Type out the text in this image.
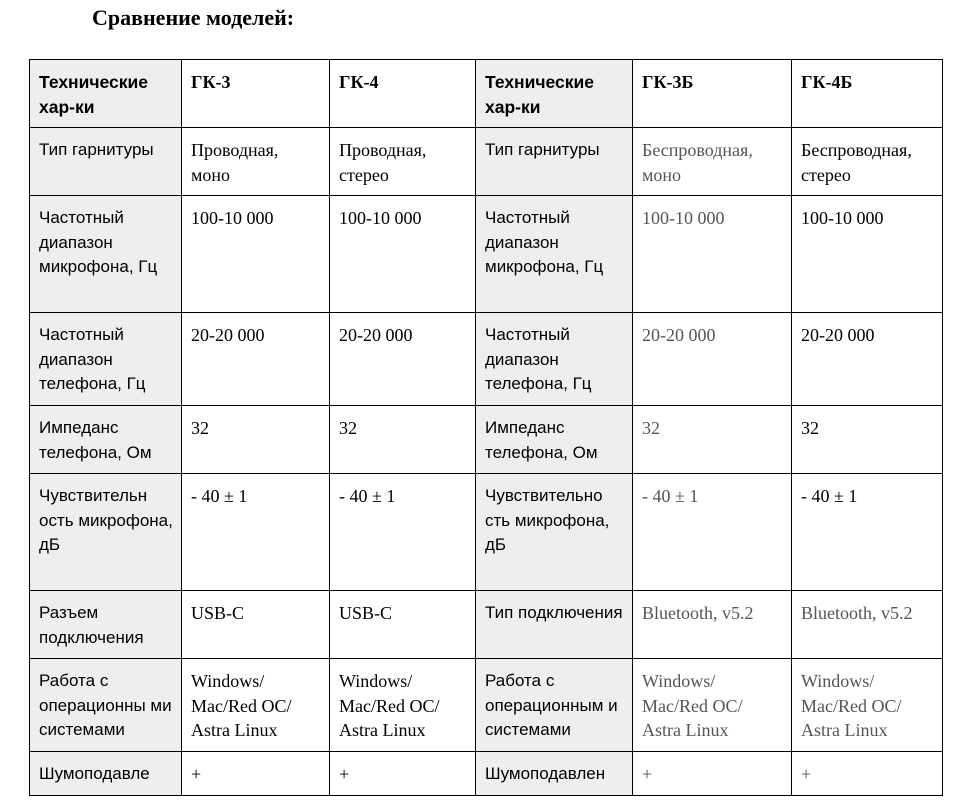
Сравнение моделей:
Технические хар-ки	ГК-3	ГК-4	Технические хар-ки	ГК-3Б	ГК-4Б
Тип гарнитуры	Проводная, моно	Проводная, стерео	Тип гарнитуры	Беспроводная, моно	Беспроводная, стерео
Частотный диапазон микрофона, Гц	100-10 000	100-10 000	Частотный диапазон микрофона, Гц	100-10 000	100-10 000
Частотный диапазон телефона, Гц	20-20 000	20-20 000	Частотный диапазон телефона, Гц	20-20 000	20-20 000
Импеданс телефона, Ом	32	32	Импеданс телефона, Ом	32	32
Чувствительн ость микрофона, дБ	- 40 ± 1	- 40 ± 1	Чувствительно сть микрофона, дБ	- 40 ± 1	- 40 ± 1
Разъем подключения	USB-C	USB-C	Тип подключения	Bluetooth, v5.2	Bluetooth, v5.2
Работа с операционны ми системами	Windows/ Mac/Red OC/ Astra Linux	Windows/ Mac/Red OC/ Astra Linux	Работа с операционным и системами	Windows/ Mac/Red OC/ Astra Linux	Windows/ Mac/Red OC/ Astra Linux
Шумоподавле	+	+	Шумоподавлен	+	+
